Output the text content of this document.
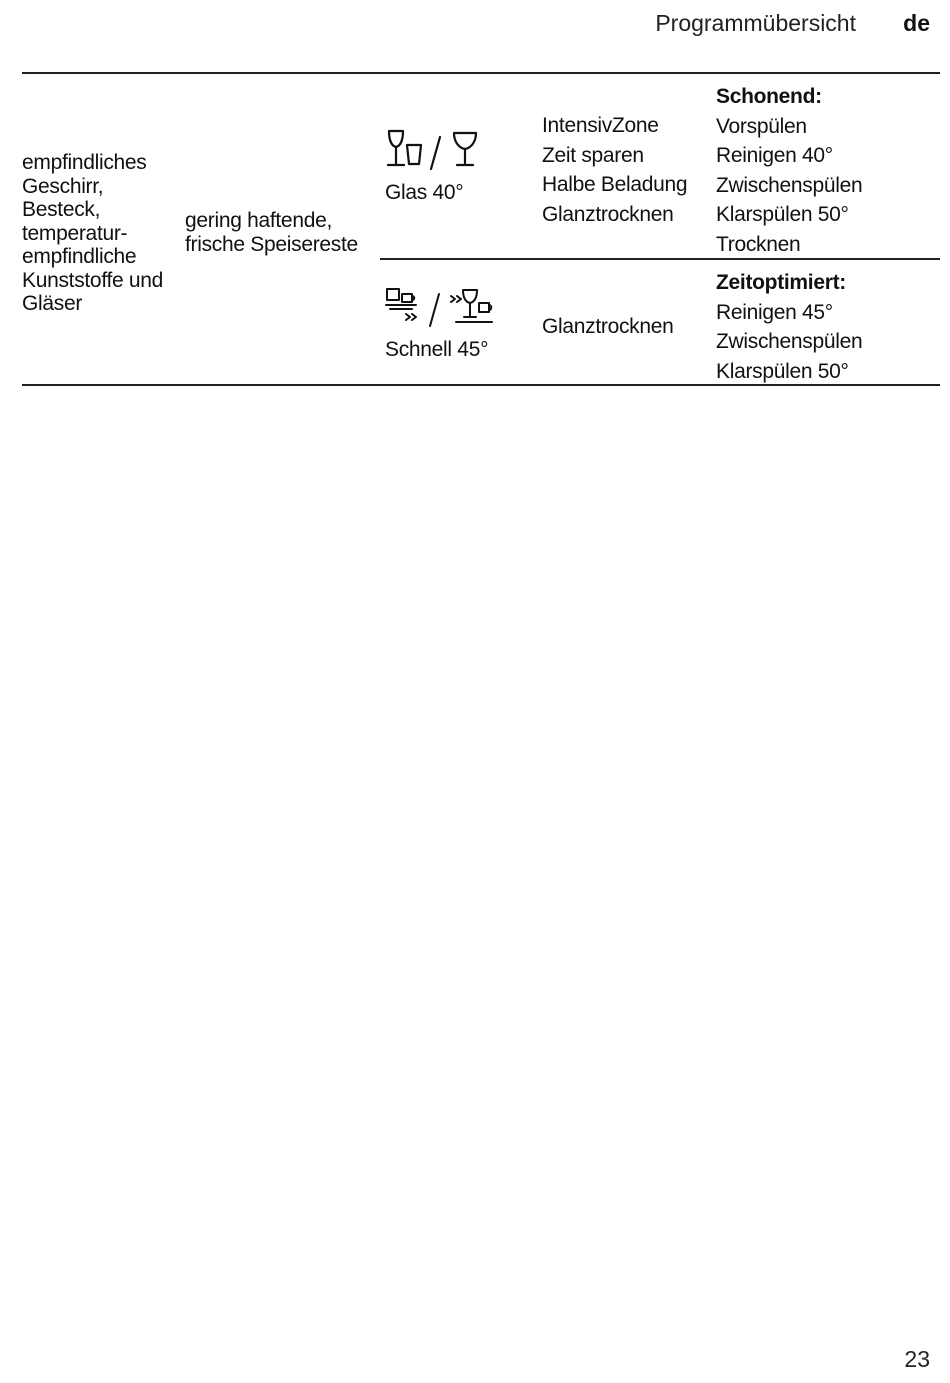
Programmübersicht	de
empfindliches
Geschirr,
Besteck,
temperatur-
empfindliche
Kunststoffe und
Gläser
gering haftende,
frische Speisereste
Glas 40°
IntensivZone
Zeit sparen
Halbe Beladung
Glanztrocknen
Schonend:
Vorspülen
Reinigen 40°
Zwischenspülen
Klarspülen 50°
Trocknen
Schnell 45°
Glanztrocknen
Zeitoptimiert:
Reinigen 45°
Zwischenspülen
Klarspülen 50°
23
